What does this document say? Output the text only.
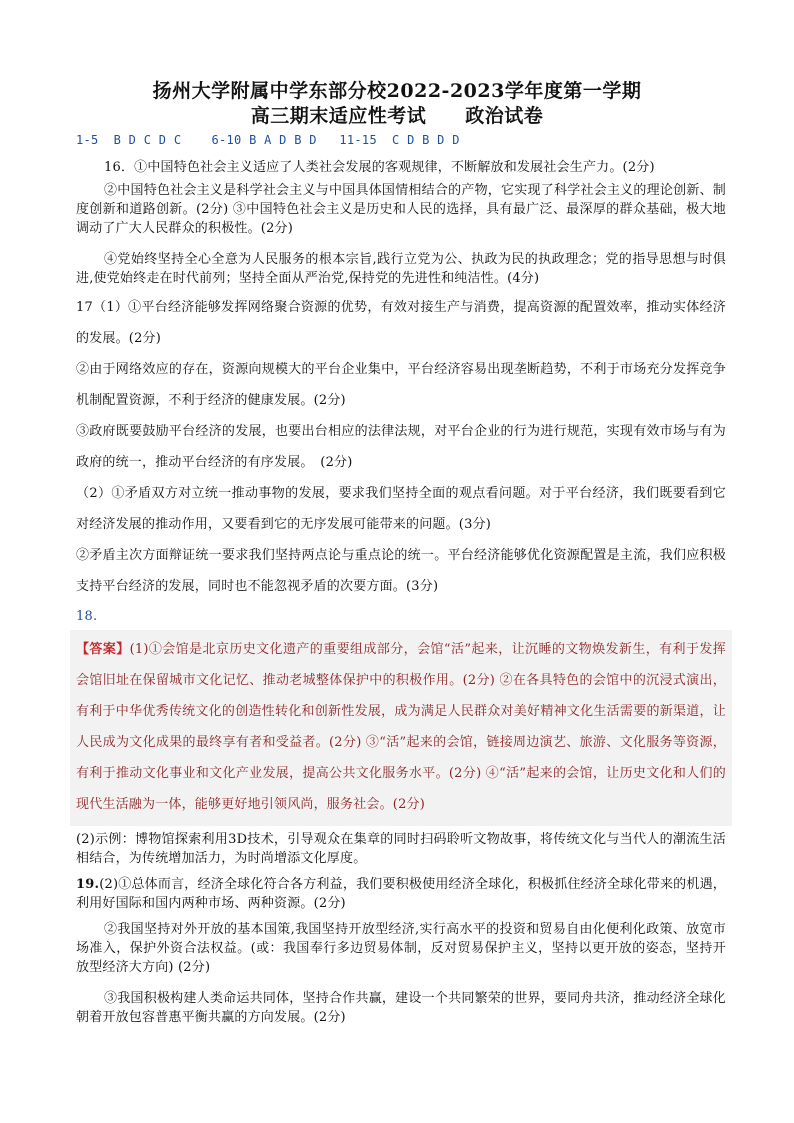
扬州大学附属中学东部分校2022-2023学年度第一学期
高三期末适应性考试　　政治试卷
1-5  B D C D C    6-10 B A D B D   11-15  C D B D D

16．①中国特色社会主义适应了人类社会发展的客观规律，不断解放和发展社会生产力。(2分)

②中国特色社会主义是科学社会主义与中国具体国情相结合的产物，它实现了科学社会主义的理论创新、制度创新和道路创新。(2分) ③中国特色社会主义是历史和人民的选择，具有最广泛、最深厚的群众基础，极大地调动了广大人民群众的积极性。(2分)

④党始终坚持全心全意为人民服务的根本宗旨,践行立党为公、执政为民的执政理念；党的指导思想与时俱进,使党始终走在时代前列；坚持全面从严治党,保持党的先进性和纯洁性。(4分)

17（1）①平台经济能够发挥网络聚合资源的优势，有效对接生产与消费，提高资源的配置效率，推动实体经济的发展。(2分)

②由于网络效应的存在，资源向规模大的平台企业集中，平台经济容易出现垄断趋势，不利于市场充分发挥竞争机制配置资源，不利于经济的健康发展。(2分)

③政府既要鼓励平台经济的发展，也要出台相应的法律法规，对平台企业的行为进行规范，实现有效市场与有为政府的统一，推动平台经济的有序发展。　(2分)

（2）①矛盾双方对立统一推动事物的发展，要求我们坚持全面的观点看问题。对于平台经济，我们既要看到它对经济发展的推动作用，又要看到它的无序发展可能带来的问题。(3分)

②矛盾主次方面辩证统一要求我们坚持两点论与重点论的统一。平台经济能够优化资源配置是主流，我们应积极支持平台经济的发展，同时也不能忽视矛盾的次要方面。(3分)

18.

【答案】(1)①会馆是北京历史文化遗产的重要组成部分，会馆“活”起来，让沉睡的文物焕发新生，有利于发挥会馆旧址在保留城市文化记忆、推动老城整体保护中的积极作用。(2分) ②在各具特色的会馆中的沉浸式演出，有利于中华优秀传统文化的创造性转化和创新性发展，成为满足人民群众对美好精神文化生活需要的新渠道，让人民成为文化成果的最终享有者和受益者。(2分) ③“活”起来的会馆，链接周边演艺、旅游、文化服务等资源，有利于推动文化事业和文化产业发展，提高公共文化服务水平。(2分) ④“活”起来的会馆，让历史文化和人们的现代生活融为一体，能够更好地引领风尚，服务社会。(2分)

(2)示例：博物馆探索利用3D技术，引导观众在集章的同时扫码聆听文物故事，将传统文化与当代人的潮流生活相结合，为传统增加活力，为时尚增添文化厚度。

19.(2)①总体而言，经济全球化符合各方利益，我们要积极使用经济全球化，积极抓住经济全球化带来的机遇，利用好国际和国内两种市场、两种资源。(2分)

②我国坚持对外开放的基本国策,我国坚持开放型经济,实行高水平的投资和贸易自由化便利化政策、放宽市场准入，保护外资合法权益。(或：我国奉行多边贸易体制，反对贸易保护主义，坚持以更开放的姿态，坚持开放型经济大方向) (2分)

③我国积极构建人类命运共同体，坚持合作共赢，建设一个共同繁荣的世界，要同舟共济，推动经济全球化朝着开放包容普惠平衡共赢的方向发展。(2分)
